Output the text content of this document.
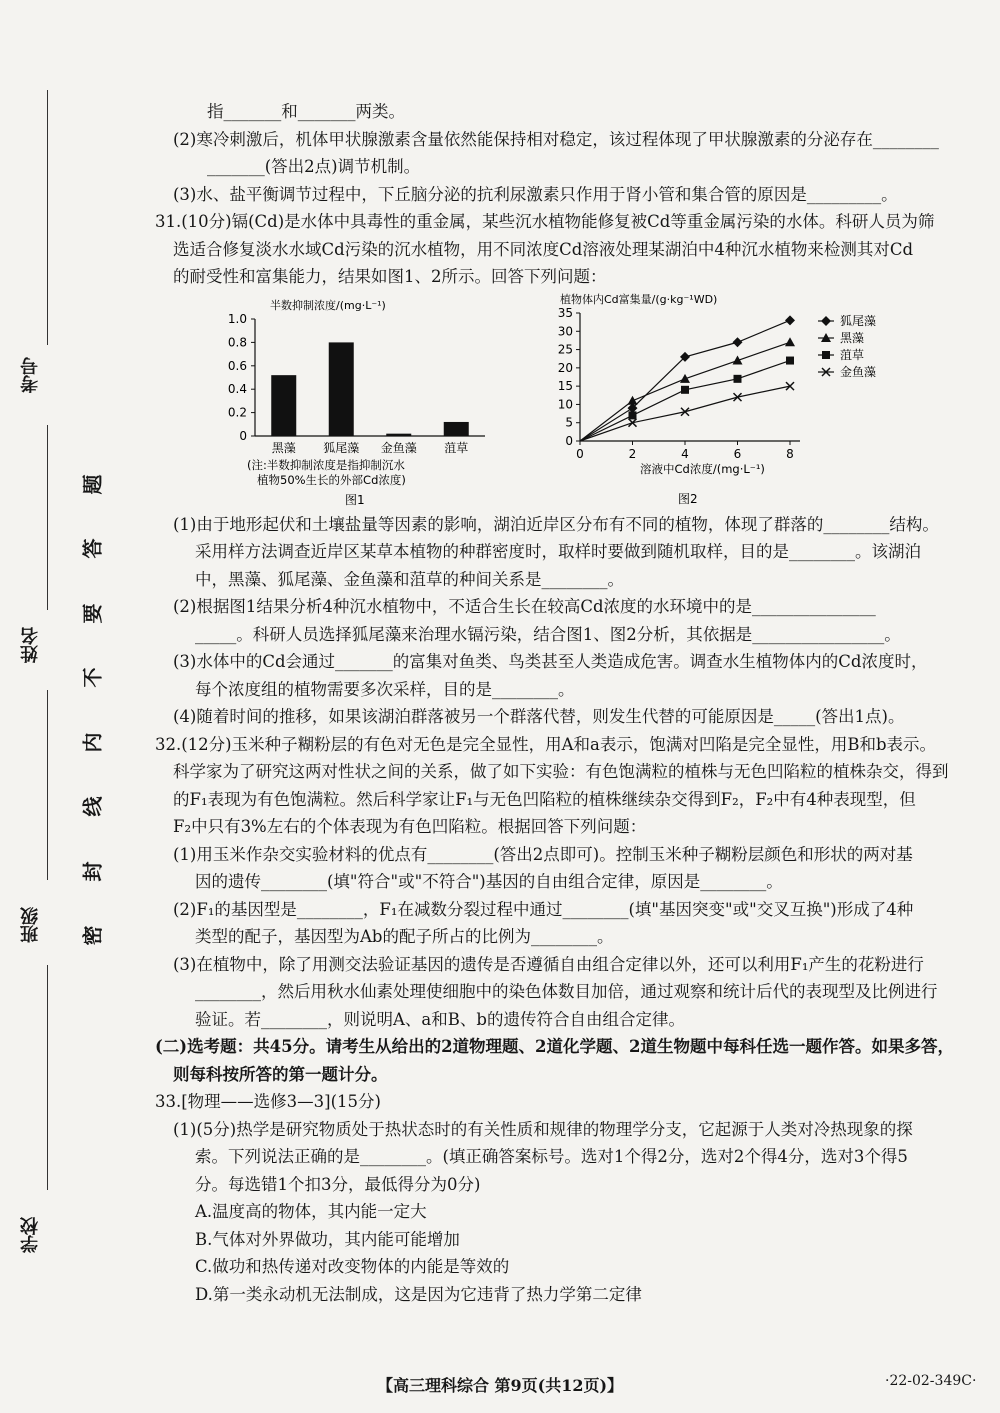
考号
姓名
班级
学校
题
答
要
不
内
线
封
密
指_______和_______两类。
(2)寒冷刺激后，机体甲状腺激素含量依然能保持相对稳定，该过程体现了甲状腺激素的分泌存在________
_______(答出2点)调节机制。
(3)水、盐平衡调节过程中，下丘脑分泌的抗利尿激素只作用于肾小管和集合管的原因是_________。
31.(10分)镉(Cd)是水体中具毒性的重金属，某些沉水植物能修复被Cd等重金属污染的水体。科研人员为筛
选适合修复淡水水域Cd污染的沉水植物，用不同浓度Cd溶液处理某湖泊中4种沉水植物来检测其对Cd
的耐受性和富集能力，结果如图1、2所示。回答下列问题：
半数抑制浓度/(mg·L⁻¹)
1.0
0.8
0.6
0.4
0.2
0
黑藻 狐尾藻 金鱼藻 菹草
(注:半数抑制浓度是指抑制沉水
植物50%生长的外部Cd浓度)
图1
植物体内Cd富集量/(g·kg⁻¹WD)
35
30
25
20
15
10
5
0
0	2	4	6	8
狐尾藻
黑藻
菹草
金鱼藻
溶液中Cd浓度/(mg·L⁻¹)
图2
(1)由于地形起伏和土壤盐量等因素的影响，湖泊近岸区分布有不同的植物，体现了群落的________结构。
采用样方法调查近岸区某草本植物的种群密度时，取样时要做到随机取样，目的是________。该湖泊
中，黑藻、狐尾藻、金鱼藻和菹草的种间关系是________。
(2)根据图1结果分析4种沉水植物中，不适合生长在较高Cd浓度的水环境中的是_______________
_____。科研人员选择狐尾藻来治理水镉污染，结合图1、图2分析，其依据是________________。
(3)水体中的Cd会通过_______的富集对鱼类、鸟类甚至人类造成危害。调查水生植物体内的Cd浓度时，
每个浓度组的植物需要多次采样，目的是________。
(4)随着时间的推移，如果该湖泊群落被另一个群落代替，则发生代替的可能原因是_____(答出1点)。
32.(12分)玉米种子糊粉层的有色对无色是完全显性，用A和a表示，饱满对凹陷是完全显性，用B和b表示。
科学家为了研究这两对性状之间的关系，做了如下实验：有色饱满粒的植株与无色凹陷粒的植株杂交，得到
的F₁表现为有色饱满粒。然后科学家让F₁与无色凹陷粒的植株继续杂交得到F₂，F₂中有4种表现型，但
F₂中只有3%左右的个体表现为有色凹陷粒。根据回答下列问题：
(1)用玉米作杂交实验材料的优点有________(答出2点即可)。控制玉米种子糊粉层颜色和形状的两对基
因的遗传________(填"符合"或"不符合")基因的自由组合定律，原因是________。
(2)F₁的基因型是________，F₁在减数分裂过程中通过________(填"基因突变"或"交叉互换")形成了4种
类型的配子，基因型为Ab的配子所占的比例为________。
(3)在植物中，除了用测交法验证基因的遗传是否遵循自由组合定律以外，还可以利用F₁产生的花粉进行
________，然后用秋水仙素处理使细胞中的染色体数目加倍，通过观察和统计后代的表现型及比例进行
验证。若________，则说明A、a和B、b的遗传符合自由组合定律。
(二)选考题：共45分。请考生从给出的2道物理题、2道化学题、2道生物题中每科任选一题作答。如果多答，
则每科按所答的第一题计分。
33.[物理——选修3—3](15分)
(1)(5分)热学是研究物质处于热状态时的有关性质和规律的物理学分支，它起源于人类对冷热现象的探
索。下列说法正确的是________。(填正确答案标号。选对1个得2分，选对2个得4分，选对3个得5
分。每选错1个扣3分，最低得分为0分)
A.温度高的物体，其内能一定大
B.气体对外界做功，其内能可能增加
C.做功和热传递对改变物体的内能是等效的
D.第一类永动机无法制成，这是因为它违背了热力学第二定律
【高三理科综合 第9页(共12页)】	·22-02-349C·
